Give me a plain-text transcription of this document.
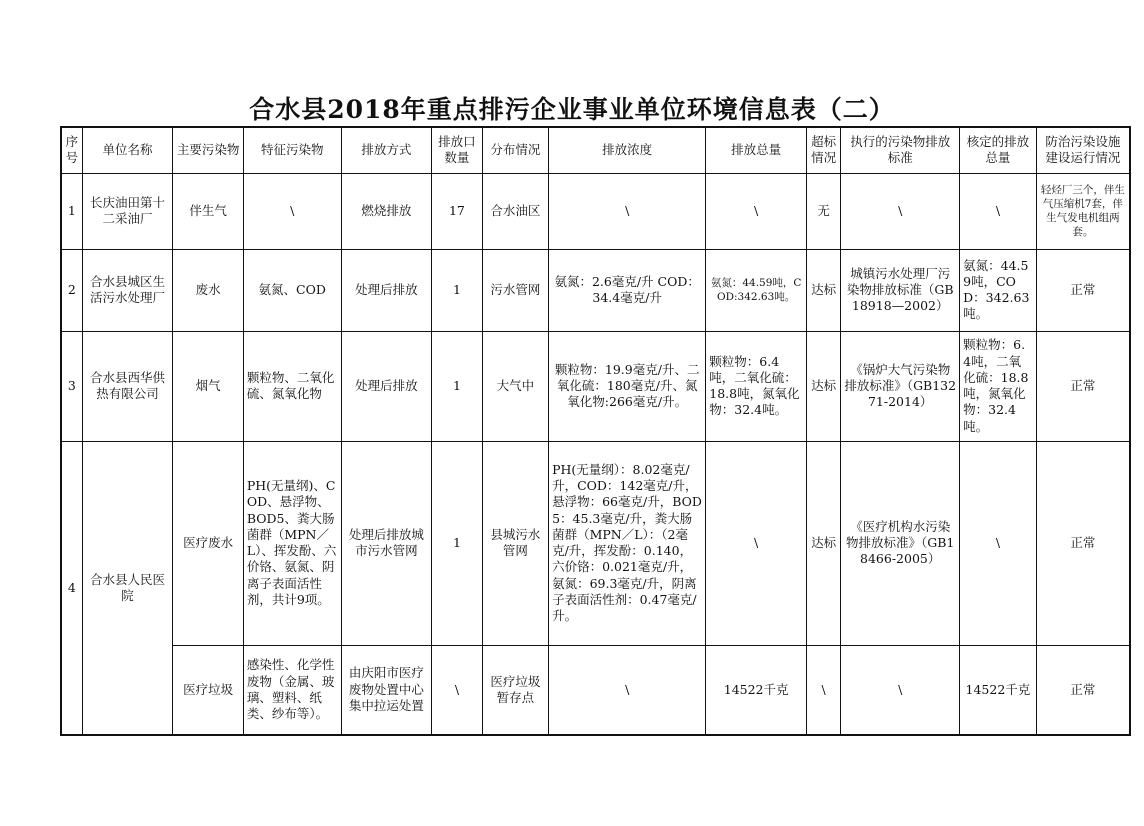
合水县2018年重点排污企业事业单位环境信息表（二）
序号	单位名称	主要污染物	特征污染物	排放方式	排放口数量	分布情况	排放浓度	排放总量	超标情况	执行的污染物排放标准	核定的排放总量	防治污染设施建设运行情况
1	长庆油田第十二采油厂	伴生气	\	燃烧排放	17	合水油区	\	\	无	\	\	轻烃厂三个，伴生气压缩机7套，伴生气发电机组两套。
2	合水县城区生活污水处理厂	废水	氨氮、COD	处理后排放	1	污水管网	氨氮：2.6毫克/升 COD：34.4毫克/升	氨氮：44.59吨，COD:342.63吨。	达标	城镇污水处理厂污染物排放标准（GB18918—2002）	氨氮：44.59吨，COD：342.63吨。	正常
3	合水县西华供热有限公司	烟气	颗粒物、二氧化硫、氮氧化物	处理后排放	1	大气中	颗粒物：19.9毫克/升、二氧化硫：180毫克/升、氮氧化物:266毫克/升。	颗粒物：6.4吨，二氧化硫：18.8吨，氮氧化物：32.4吨。	达标	《锅炉大气污染物排放标准》（GB13271-2014）	颗粒物：6.4吨，二氧化硫：18.8吨，氮氧化物：32.4吨。	正常
4	合水县人民医院	医疗废水	PH(无量纲)、COD、悬浮物、BOD5、粪大肠菌群（MPN／L）、挥发酚、六价铬、氨氮、阴离子表面活性剂，共计9项。	处理后排放城市污水管网	1	县城污水管网	PH(无量纲）：8.02毫克/升，COD：142毫克/升，悬浮物：66毫克/升，BOD5：45.3毫克/升，粪大肠菌群（MPN／L）：（2毫克/升，挥发酚：0.140，六价铬：0.021毫克/升，氨氮：69.3毫克/升，阴离子表面活性剂：0.47毫克/升。	\	达标	《医疗机构水污染物排放标准》（GB18466-2005）	\	正常
		医疗垃圾	感染性、化学性废物（金属、玻璃、塑料、纸类、纱布等）。	由庆阳市医疗废物处置中心集中拉运处置	\	医疗垃圾暂存点	\	14522千克	\	\	14522千克	正常
